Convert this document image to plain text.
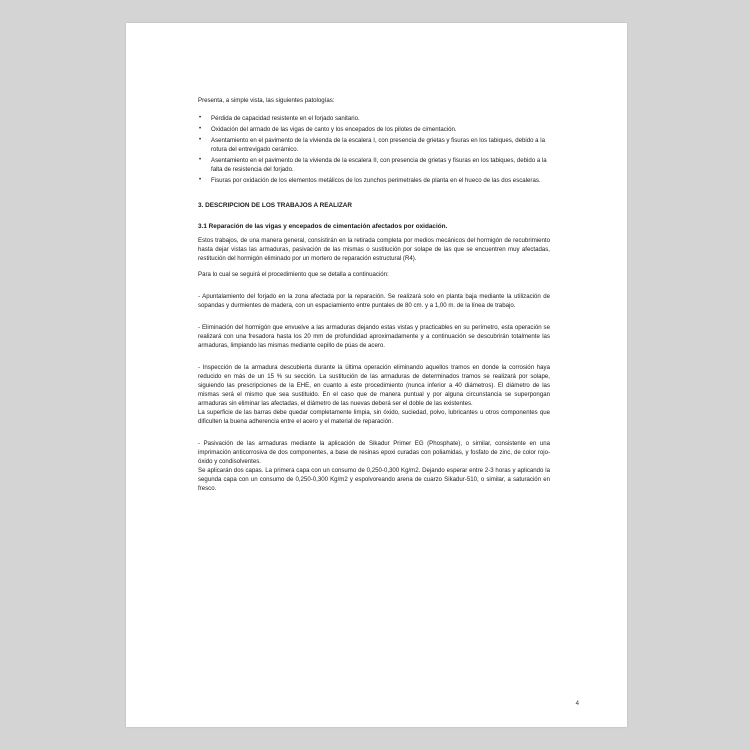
Presenta, a simple vista, las siguientes patologías:

• Pérdida de capacidad resistente en el forjado sanitario.
• Oxidación del armado de las vigas de canto y los encepados de los pilotes de cimentación.
• Asentamiento en el pavimento de la vivienda de la escalera I, con presencia de grietas y fisuras en los tabiques, debido a la rotura del entrevigado cerámico.
• Asentamiento en el pavimento de la vivienda de la escalera II, con presencia de grietas y fisuras en los tabiques, debido a la falta de resistencia del forjado.
• Fisuras por oxidación de los elementos metálicos de los zunchos perimetrales de planta en el hueco de las dos escaleras.

3. DESCRIPCION DE LOS TRABAJOS A REALIZAR

3.1 Reparación de las vigas y encepados de cimentación afectados por oxidación.

Estos trabajos, de una manera general, consistirán en la retirada completa por medios mecánicos del hormigón de recubrimiento hasta dejar vistas las armaduras, pasivación de las mismas o sustitución por solape de las que se encuentren muy afectadas, restitución del hormigón eliminado por un mortero de reparación estructural (R4).

Para lo cual se seguirá el procedimiento que se detalla a continuación:

- Apuntalamiento del forjado en la zona afectada por la reparación. Se realizará solo en planta baja mediante la utilización de sopandas y durmientes de madera, con un espaciamiento entre puntales de 80 cm. y a 1,00 m. de la línea de trabajo.

- Eliminación del hormigón que envuelve a las armaduras dejando estas vistas y practicables en su perímetro, esta operación se realizará con una fresadora hasta los 20 mm de profundidad aproximadamente y a continuación se descubrirán totalmente las armaduras, limpiando las mismas mediante cepillo de púas de acero.

- Inspección de la armadura descubierta durante la última operación eliminando aquellos tramos en donde la corrosión haya reducido en más de un 15 % su sección. La sustitución de las armaduras de determinados tramos se realizará por solape, siguiendo las prescripciones de la EHE, en cuanto a este procedimiento (nunca inferior a 40 diámetros). El diámetro de las mismas será el mismo que sea sustituido. En el caso que de manera puntual y por alguna circunstancia se superpongan armaduras sin eliminar las afectadas, el diámetro de las nuevas deberá ser el doble de las existentes.

La superficie de las barras debe quedar completamente limpia, sin óxido, suciedad, polvo, lubricantes u otros componentes que dificulten la buena adherencia entre el acero y el material de reparación.

- Pasivación de las armaduras mediante la aplicación de Sikadur Primer EG (Phosphate), o similar, consistente en una imprimación anticorrosiva de dos componentes, a base de resinas epoxi curadas con poliamidas, y fosfato de zinc, de color rojo-óxido y condisolventes.

Se aplicarán dos capas. La primera capa con un consumo de 0,250-0,300 Kg/m2. Dejando esperar entre 2-3 horas y aplicando la segunda capa con un consumo de 0,250-0,300 Kg/m2 y espolvoreando arena de cuarzo Sikadur-510, o similar, a saturación en fresco.

4
